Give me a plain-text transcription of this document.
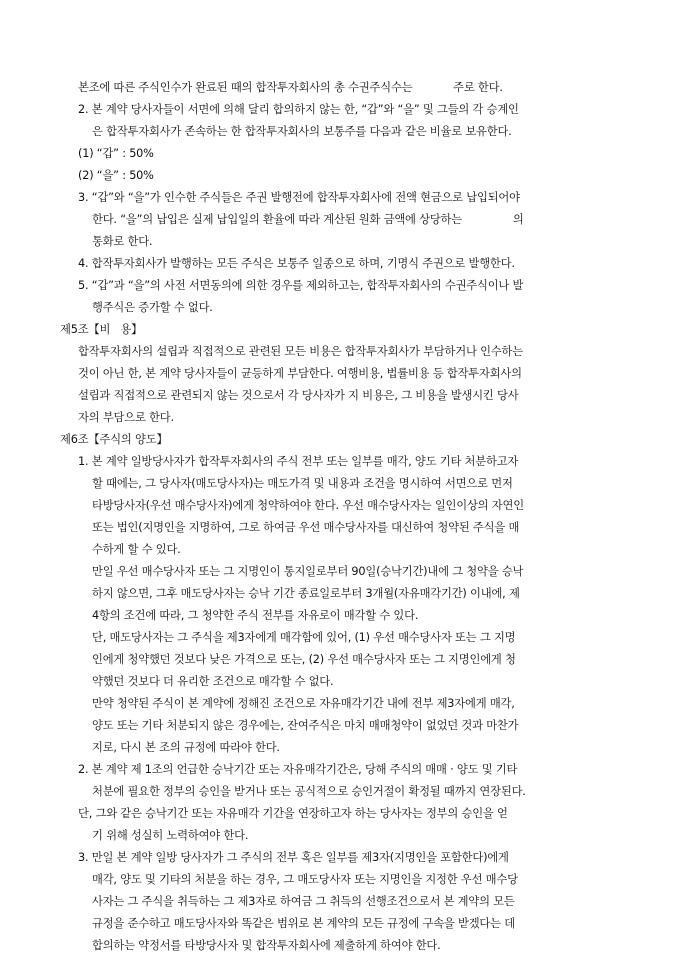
본조에 따른 주식인수가 완료된 때의 합작투자회사의 총 수권주식수는            주로 한다.
2. 본 계약 당사자들이 서면에 의해 달리 합의하지 않는 한, “갑”와 “을” 및 그들의 각 승계인
은 합작투자회사가 존속하는 한 합작투자회사의 보통주를 다음과 같은 비율로 보유한다.
(1) “갑” : 50%
(2) “을” : 50%
3. “갑”와 “을”가 인수한 주식들은 주권 발행전에 합작투자회사에 전액 현금으로 납입되어야
한다. “을”의 납입은 실제 납입일의 환율에 따라 계산된 원화 금액에 상당하는               의
통화로 한다.
4. 합작투자회사가 발행하는 모든 주식은 보통주 일종으로 하며, 기명식 주권으로 발행한다.
5. “갑”과 “을”의 사전 서면동의에 의한 경우를 제외하고는, 합작투자회사의 수권주식이나 발
행주식은 증가할 수 없다.
제5조【비   용】
합작투자회사의 설립과 직접적으로 관련된 모든 비용은 합작투자회사가 부담하거나 인수하는
것이 아닌 한, 본 계약 당사자들이 균등하게 부담한다. 여행비용, 법률비용 등 합작투자회사의
설립과 직접적으로 관련되지 않는 것으로서 각 당사자가 지 비용은, 그 비용을 발생시킨 당사
자의 부담으로 한다.
제6조【주식의 양도】
1. 본 계약 일방당사자가 합작투자회사의 주식 전부 또는 일부를 매각, 양도 기타 처분하고자
할 때에는, 그 당사자(매도당사자)는 매도가격 및 내용과 조건을 명시하여 서면으로 먼저
타방당사자(우선 매수당사자)에게 청약하여야 한다. 우선 매수당사자는 일인이상의 자연인
또는 법인(지명인을 지명하여, 그로 하여금 우선 매수당사자를 대신하여 청약된 주식을 매
수하게 할 수 있다.
만일 우선 매수당사자 또는 그 지명인이 통지일로부터 90일(승낙기간)내에 그 청약을 승낙
하지 않으면, 그후 매도당사자는 승낙 기간 종료일로부터 3개월(자유매각기간) 이내에, 제
4항의 조건에 따라, 그 청약한 주식 전부를 자유로이 매각할 수 있다.
단, 매도당사자는 그 주식을 제3자에게 매각함에 있어, (1) 우선 매수당사자 또는 그 지명
인에게 청약했던 것보다 낮은 가격으로 또는, (2) 우선 매수당사자 또는 그 지명인에게 청
약했던 것보다 더 유리한 조건으로 매각할 수 없다.
만약 청약된 주식이 본 계약에 정해진 조건으로 자유매각기간 내에 전부 제3자에게 매각,
양도 또는 기타 처분되지 않은 경우에는, 잔여주식은 마치 매매청약이 없었던 것과 마찬가
지로, 다시 본 조의 규정에 따라야 한다.
2. 본 계약 제 1조의 언급한 승낙기간 또는 자유매각기간은, 당해 주식의 매매 · 양도 및 기타
처분에 필요한 정부의 승인을 받거나 또는 공식적으로 승인거절이 확정될 때까지 연장된다.
단, 그와 같은 승낙기간 또는 자유매각 기간을 연장하고자 하는 당사자는 정부의 승인을 얻
기 위해 성실히 노력하여야 한다.
3. 만일 본 계약 일방 당사자가 그 주식의 전부 혹은 일부를 제3자(지명인을 포함한다)에게
매각, 양도 및 기타의 처분을 하는 경우, 그 매도당사자 또는 지명인을 지정한 우선 매수당
사자는 그 주식을 취득하는 그 제3자로 하여금 그 취득의 선행조건으로서 본 계약의 모든
규정을 준수하고 매도당사자와 똑같은 범위로 본 계약의 모든 규정에 구속을 받겠다는 데
합의하는 약정서를 타방당사자 및 합작투자회사에 제출하게 하여야 한다.
